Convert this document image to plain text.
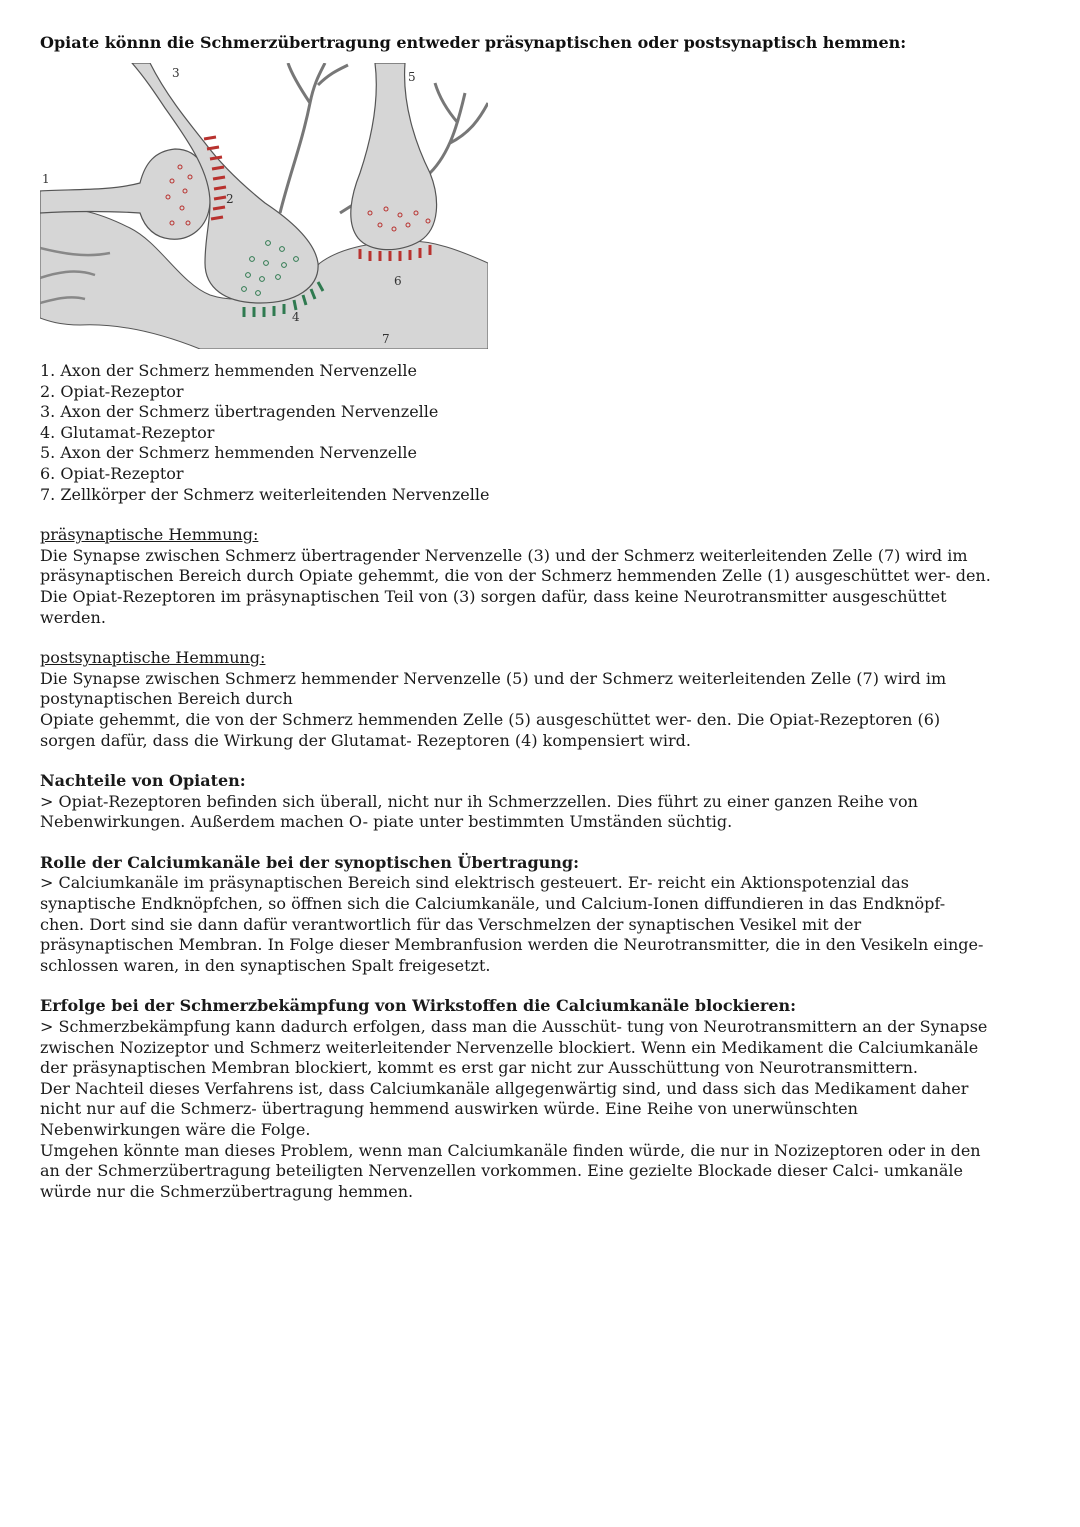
Opiate könnn die Schmerzübertragung entweder präsynaptischen oder postsynaptisch hemmen:

1
2
3
4
5
6
7
1. Axon der Schmerz hemmenden Nervenzelle
2. Opiat-Rezeptor
3. Axon der Schmerz übertragenden Nervenzelle
4. Glutamat-Rezeptor
5. Axon der Schmerz hemmenden Nervenzelle
6. Opiat-Rezeptor
7. Zellkörper der Schmerz weiterleitenden Nervenzelle

präsynaptische Hemmung:

Die Synapse zwischen Schmerz übertragender Nervenzelle (3) und der Schmerz weiterleitenden Zelle (7) wird im
präsynaptischen Bereich durch Opiate gehemmt, die von der Schmerz hemmenden Zelle (1) ausgeschüttet wer- den.
Die Opiat-Rezeptoren im präsynaptischen Teil von (3) sorgen dafür, dass keine Neurotransmitter ausgeschüttet
werden.

postsynaptische Hemmung:

Die Synapse zwischen Schmerz hemmender Nervenzelle (5) und der Schmerz weiterleitenden Zelle (7) wird im
postynaptischen Bereich durch
Opiate gehemmt, die von der Schmerz hemmenden Zelle (5) ausgeschüttet wer- den. Die Opiat-Rezeptoren (6)
sorgen dafür, dass die Wirkung der Glutamat- Rezeptoren (4) kompensiert wird.

Nachteile von Opiaten:

> Opiat-Rezeptoren befinden sich überall, nicht nur ih Schmerzzellen. Dies führt zu einer ganzen Reihe von
Nebenwirkungen. Außerdem machen O- piate unter bestimmten Umständen süchtig.

Rolle der Calciumkanäle bei der synoptischen Übertragung:

> Calciumkanäle im präsynaptischen Bereich sind elektrisch gesteuert. Er- reicht ein Aktionspotenzial das
synaptische Endknöpfchen, so öffnen sich die Calciumkanäle, und Calcium-Ionen diffundieren in das Endknöpf-
chen. Dort sind sie dann dafür verantwortlich für das Verschmelzen der synaptischen Vesikel mit der
präsynaptischen Membran. In Folge dieser Membranfusion werden die Neurotransmitter, die in den Vesikeln einge-
schlossen waren, in den synaptischen Spalt freigesetzt.

Erfolge bei der Schmerzbekämpfung von Wirkstoffen die Calciumkanäle blockieren:

> Schmerzbekämpfung kann dadurch erfolgen, dass man die Ausschüt- tung von Neurotransmittern an der Synapse
zwischen Nozizeptor und Schmerz weiterleitender Nervenzelle blockiert. Wenn ein Medikament die Calciumkanäle
der präsynaptischen Membran blockiert, kommt es erst gar nicht zur Ausschüttung von Neurotransmittern.
Der Nachteil dieses Verfahrens ist, dass Calciumkanäle allgegenwärtig sind, und dass sich das Medikament daher
nicht nur auf die Schmerz- übertragung hemmend auswirken würde. Eine Reihe von unerwünschten
Nebenwirkungen wäre die Folge.
Umgehen könnte man dieses Problem, wenn man Calciumkanäle finden würde, die nur in Nozizeptoren oder in den
an der Schmerzübertragung beteiligten Nervenzellen vorkommen. Eine gezielte Blockade dieser Calci- umkanäle
würde nur die Schmerzübertragung hemmen.
